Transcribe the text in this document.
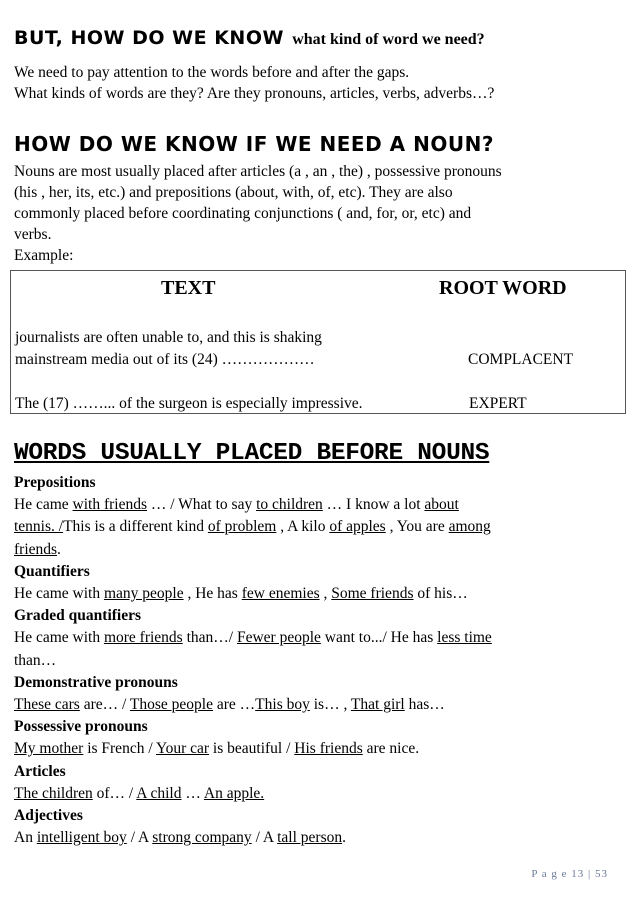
BUT, HOW DO WE KNOW what kind of word we need?
We need to pay attention to the words before and after the gaps.
What kinds of words are they? Are they pronouns, articles, verbs, adverbs…?
HOW DO WE KNOW IF WE NEED A NOUN?
Nouns are most usually placed after articles (a , an , the) , possessive pronouns
(his , her, its, etc.) and prepositions (about, with, of, etc). They are also
commonly placed before coordinating conjunctions ( and, for, or, etc) and
verbs.
Example:
TEXT	ROOT WORD
journalists are often unable to, and this is shaking
mainstream media out of its (24) ………………	COMPLACENT
The (17) ……... of the surgeon is especially impressive.	EXPERT
WORDS USUALLY PLACED BEFORE NOUNS
Prepositions
He came with friends … / What to say to children … I know a lot about
tennis. /This is a different kind of problem , A kilo of apples , You are among
friends.
Quantifiers
He came with many people , He has few enemies , Some friends of his…
Graded quantifiers
He came with more friends than…/ Fewer people want to.../ He has less time
than…
Demonstrative pronouns
These cars are… / Those people are …This boy is… , That girl has…
Possessive pronouns
My mother is French / Your car is beautiful / His friends are nice.
Articles
The children of… / A child … An apple.
Adjectives
An intelligent boy / A strong company / A tall person.
P a g e 13 | 53
